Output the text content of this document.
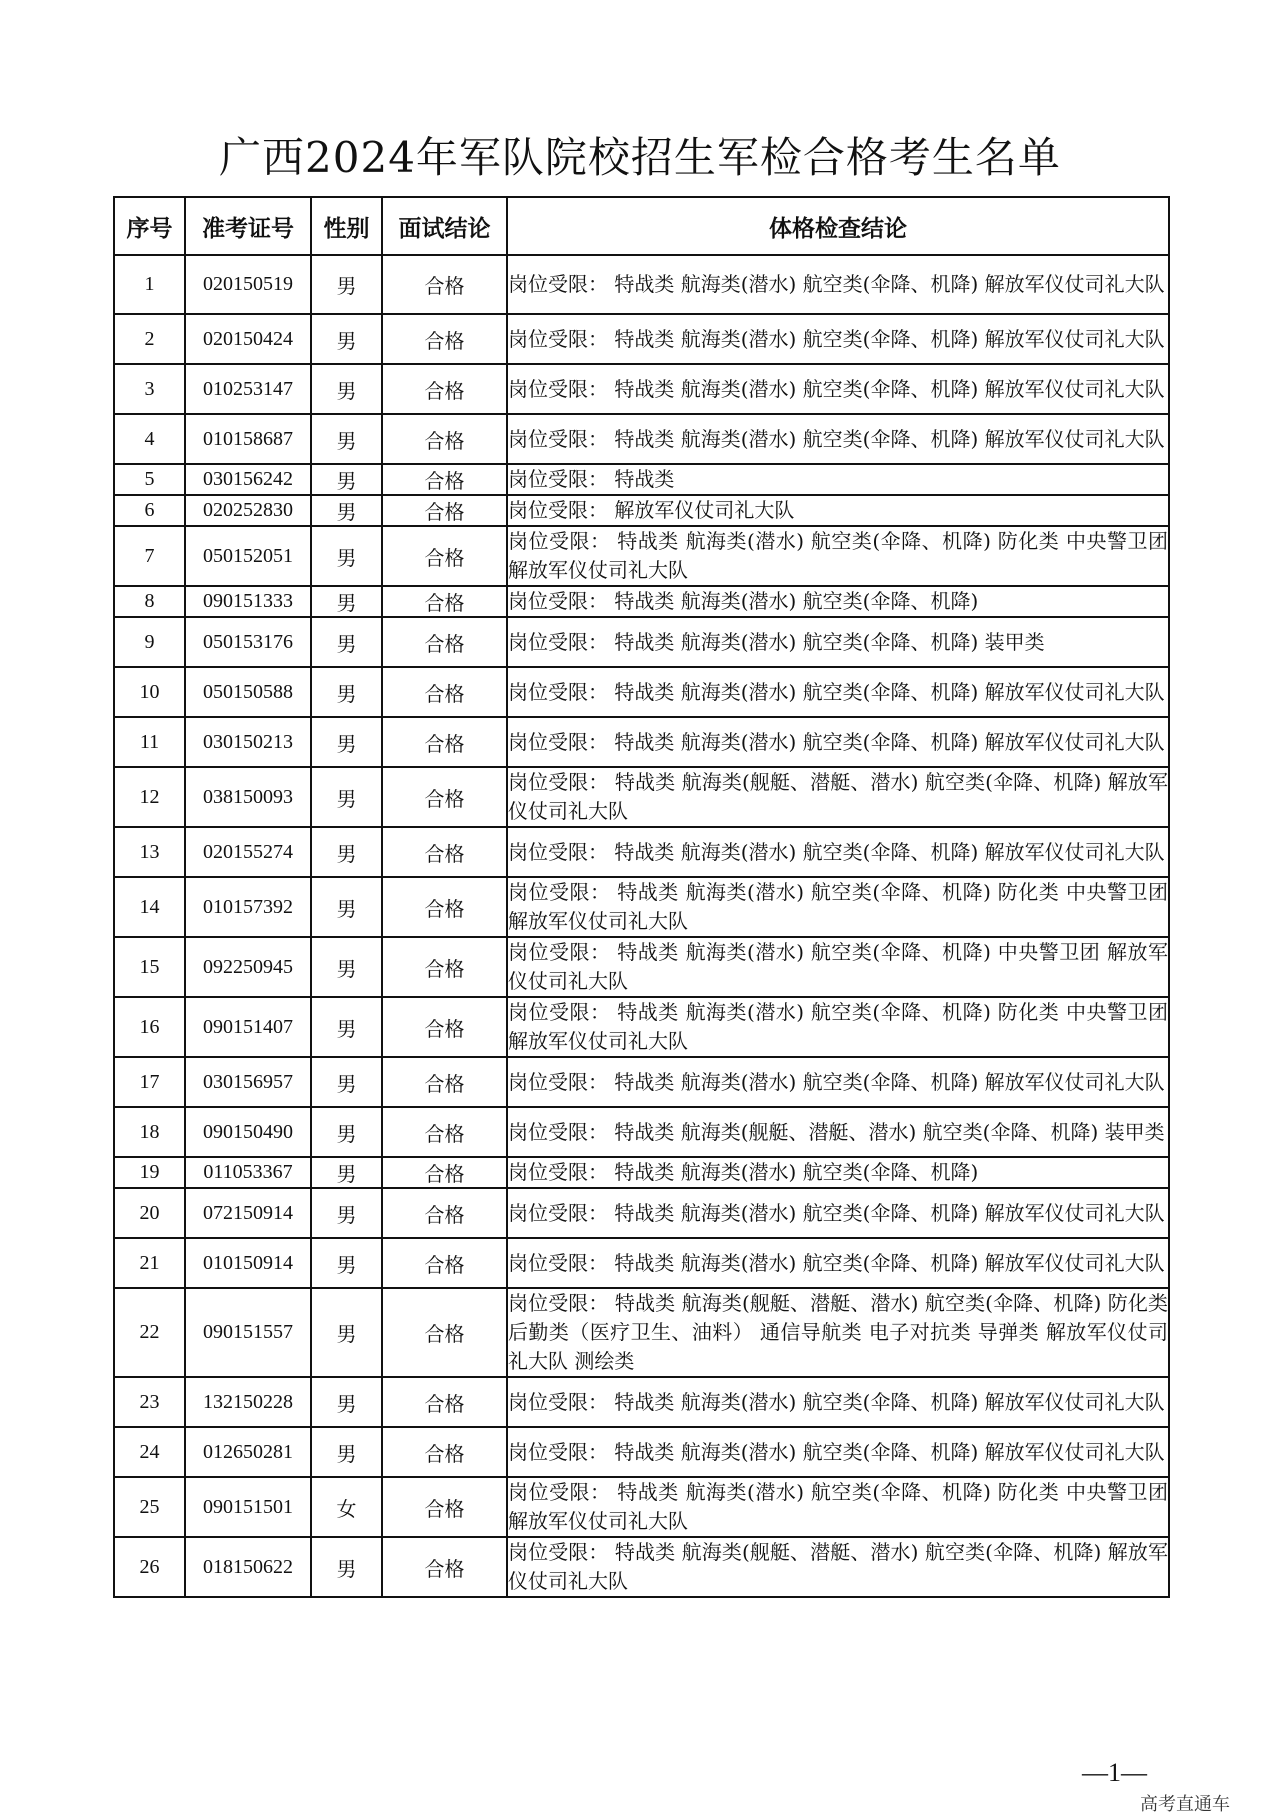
广西2024年军队院校招生军检合格考生名单
序号	准考证号	性别	面试结论	体格检查结论
1	020150519	男	合格	岗位受限： 特战类 航海类(潜水) 航空类(伞降、机降) 解放军仪仗司礼大队
2	020150424	男	合格	岗位受限： 特战类 航海类(潜水) 航空类(伞降、机降) 解放军仪仗司礼大队
3	010253147	男	合格	岗位受限： 特战类 航海类(潜水) 航空类(伞降、机降) 解放军仪仗司礼大队
4	010158687	男	合格	岗位受限： 特战类 航海类(潜水) 航空类(伞降、机降) 解放军仪仗司礼大队
5	030156242	男	合格	岗位受限： 特战类
6	020252830	男	合格	岗位受限： 解放军仪仗司礼大队
7	050152051	男	合格	岗位受限： 特战类 航海类(潜水) 航空类(伞降、机降) 防化类 中央警卫团 解放军仪仗司礼大队
8	090151333	男	合格	岗位受限： 特战类 航海类(潜水) 航空类(伞降、机降)
9	050153176	男	合格	岗位受限： 特战类 航海类(潜水) 航空类(伞降、机降) 装甲类
10	050150588	男	合格	岗位受限： 特战类 航海类(潜水) 航空类(伞降、机降) 解放军仪仗司礼大队
11	030150213	男	合格	岗位受限： 特战类 航海类(潜水) 航空类(伞降、机降) 解放军仪仗司礼大队
12	038150093	男	合格	岗位受限： 特战类 航海类(舰艇、潜艇、潜水) 航空类(伞降、机降) 解放军仪仗司礼大队
13	020155274	男	合格	岗位受限： 特战类 航海类(潜水) 航空类(伞降、机降) 解放军仪仗司礼大队
14	010157392	男	合格	岗位受限： 特战类 航海类(潜水) 航空类(伞降、机降) 防化类 中央警卫团 解放军仪仗司礼大队
15	092250945	男	合格	岗位受限： 特战类 航海类(潜水) 航空类(伞降、机降) 中央警卫团 解放军仪仗司礼大队
16	090151407	男	合格	岗位受限： 特战类 航海类(潜水) 航空类(伞降、机降) 防化类 中央警卫团 解放军仪仗司礼大队
17	030156957	男	合格	岗位受限： 特战类 航海类(潜水) 航空类(伞降、机降) 解放军仪仗司礼大队
18	090150490	男	合格	岗位受限： 特战类 航海类(舰艇、潜艇、潜水) 航空类(伞降、机降) 装甲类
19	011053367	男	合格	岗位受限： 特战类 航海类(潜水) 航空类(伞降、机降)
20	072150914	男	合格	岗位受限： 特战类 航海类(潜水) 航空类(伞降、机降) 解放军仪仗司礼大队
21	010150914	男	合格	岗位受限： 特战类 航海类(潜水) 航空类(伞降、机降) 解放军仪仗司礼大队
22	090151557	男	合格	岗位受限： 特战类 航海类(舰艇、潜艇、潜水) 航空类(伞降、机降) 防化类 后勤类（医疗卫生、油料） 通信导航类 电子对抗类 导弹类 解放军仪仗司礼大队 测绘类
23	132150228	男	合格	岗位受限： 特战类 航海类(潜水) 航空类(伞降、机降) 解放军仪仗司礼大队
24	012650281	男	合格	岗位受限： 特战类 航海类(潜水) 航空类(伞降、机降) 解放军仪仗司礼大队
25	090151501	女	合格	岗位受限： 特战类 航海类(潜水) 航空类(伞降、机降) 防化类 中央警卫团 解放军仪仗司礼大队
26	018150622	男	合格	岗位受限： 特战类 航海类(舰艇、潜艇、潜水) 航空类(伞降、机降) 解放军仪仗司礼大队
—1—
高考直通车
